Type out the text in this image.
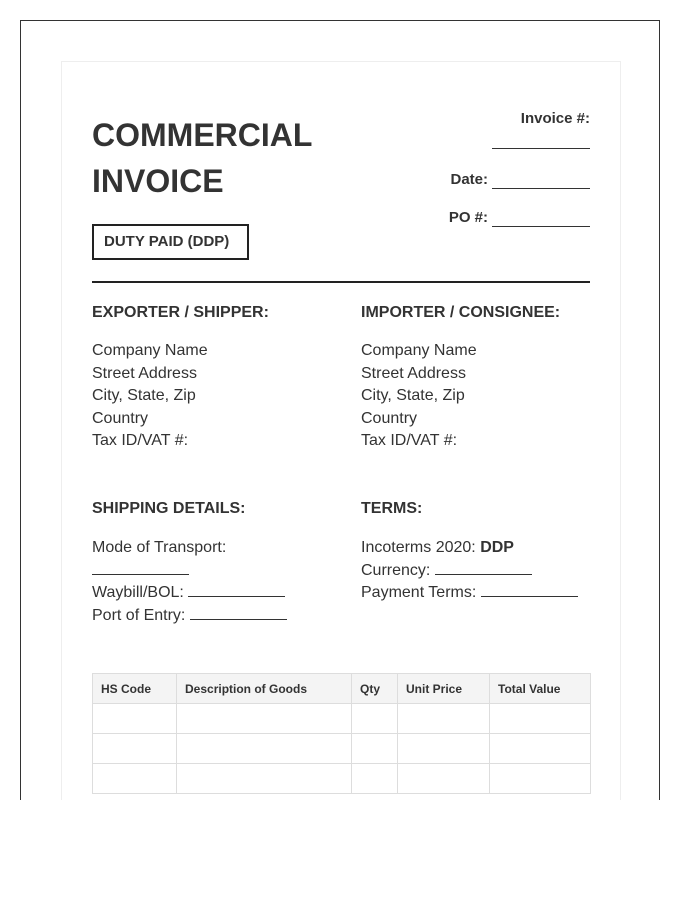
COMMERCIAL
INVOICE
DUTY PAID (DDP)
Invoice #:
Date:
PO #:
EXPORTER / SHIPPER:
Company Name
Street Address
City, State, Zip
Country
Tax ID/VAT #:
IMPORTER / CONSIGNEE:
Company Name
Street Address
City, State, Zip
Country
Tax ID/VAT #:
SHIPPING DETAILS:
Mode of Transport:
Waybill/BOL:
Port of Entry:
TERMS:
Incoterms 2020: DDP
Currency:
Payment Terms:
HS Code	Description of Goods	Qty	Unit Price	Total Value
